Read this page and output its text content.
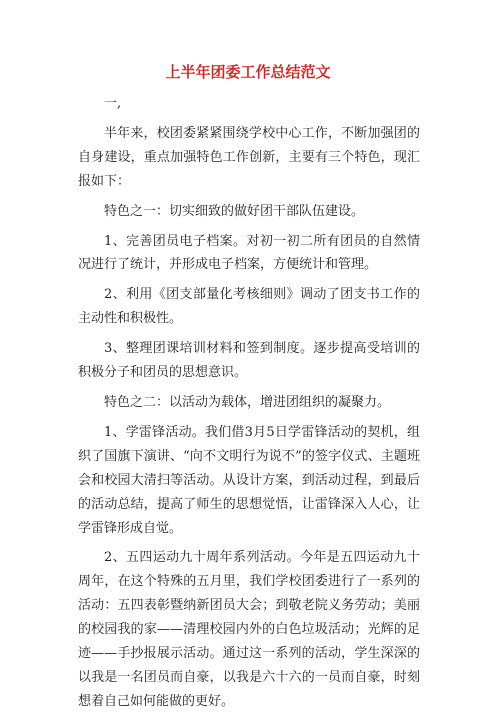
上半年团委工作总结范文

一,

半年来，校团委紧紧围绕学校中心工作，不断加强团的自身建设，重点加强特色工作创新，主要有三个特色，现汇报如下：

特色之一：切实细致的做好团干部队伍建设。

1、完善团员电子档案。对初一初二所有团员的自然情况进行了统计，并形成电子档案，方便统计和管理。

2、利用《团支部量化考核细则》调动了团支书工作的主动性和积极性。

3、整理团课培训材料和签到制度。逐步提高受培训的积极分子和团员的思想意识。

特色之二：以活动为载体，增进团组织的凝聚力。

1、学雷锋活动。我们借3月5日学雷锋活动的契机，组织了国旗下演讲、“向不文明行为说不”的签字仪式、主题班会和校园大清扫等活动。从设计方案，到活动过程，到最后的活动总结，提高了师生的思想觉悟，让雷锋深入人心，让学雷锋形成自觉。

2、五四运动九十周年系列活动。今年是五四运动九十周年，在这个特殊的五月里，我们学校团委进行了一系列的活动：五四表彰暨纳新团员大会；到敬老院义务劳动；美丽的校园我的家——清理校园内外的白色垃圾活动；光辉的足迹——手抄报展示活动。通过这一系列的活动，学生深深的以我是一名团员而自豪，以我是六十六的一员而自豪，时刻想着自己如何能做的更好。
